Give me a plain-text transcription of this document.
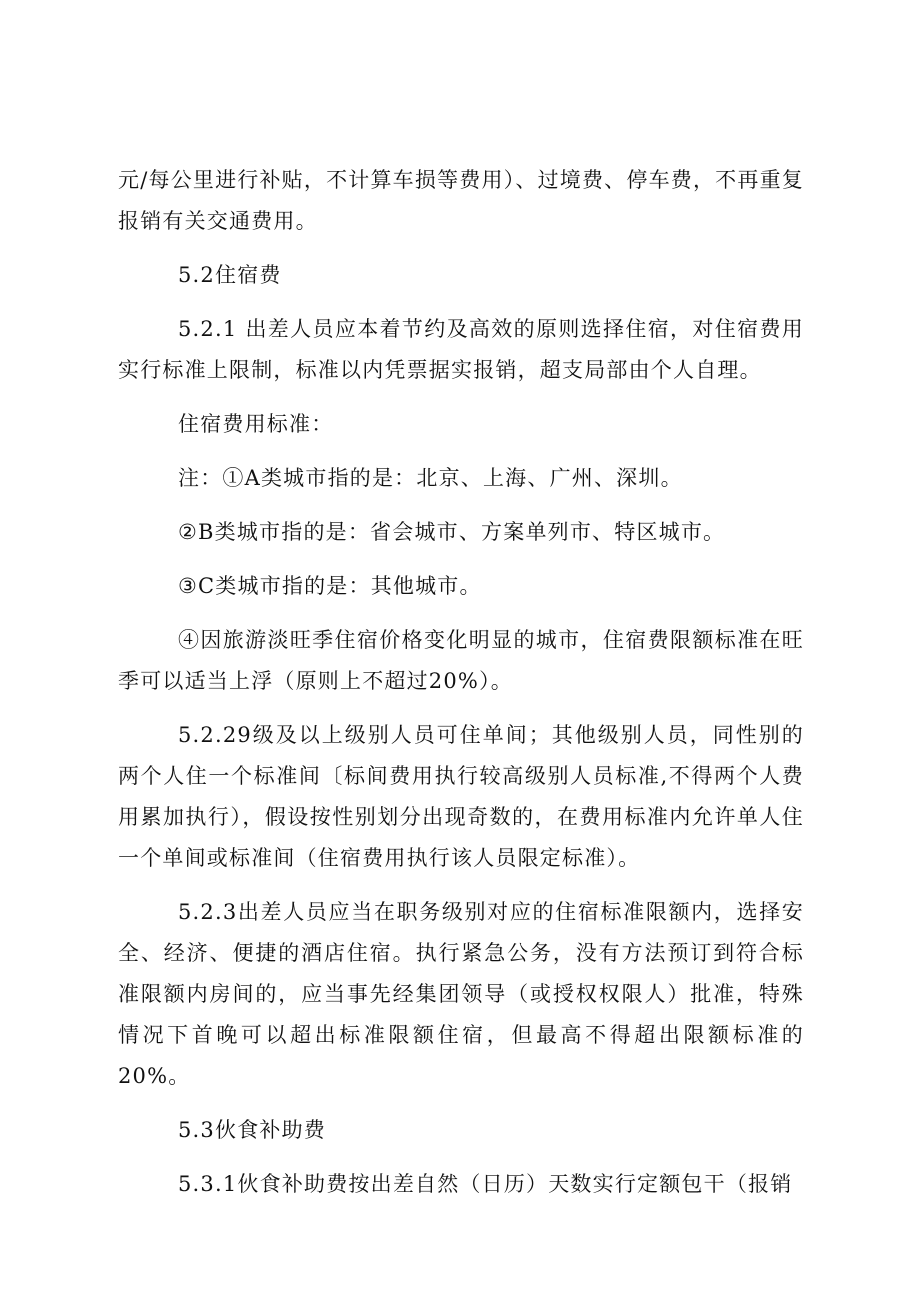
元/每公里进行补贴，不计算车损等费用）、过境费、停车费，不再重复报销有关交通费用。

5.2住宿费

5.2.1 出差人员应本着节约及高效的原则选择住宿，对住宿费用实行标准上限制，标准以内凭票据实报销，超支局部由个人自理。

住宿费用标准：

注：①A类城市指的是：北京、上海、广州、深圳。

②B类城市指的是：省会城市、方案单列市、特区城市。

③C类城市指的是：其他城市。

④因旅游淡旺季住宿价格变化明显的城市，住宿费限额标准在旺季可以适当上浮（原则上不超过20%）。

5.2.29级及以上级别人员可住单间；其他级别人员，同性别的两个人住一个标准间〔标间费用执行较高级别人员标准,不得两个人费用累加执行），假设按性别划分出现奇数的，在费用标准内允许单人住一个单间或标准间（住宿费用执行该人员限定标准）。

5.2.3出差人员应当在职务级别对应的住宿标准限额内，选择安全、经济、便捷的酒店住宿。执行紧急公务，没有方法预订到符合标准限额内房间的，应当事先经集团领导（或授权权限人）批准，特殊情况下首晚可以超出标准限额住宿，但最高不得超出限额标准的20%。

5.3伙食补助费

5.3.1伙食补助费按出差自然（日历）天数实行定额包干（报销
